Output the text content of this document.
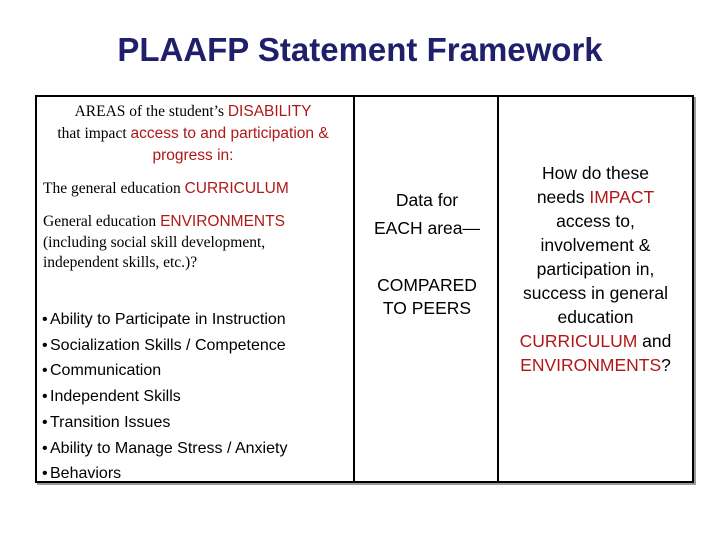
PLAAFP Statement Framework
AREAS of the student’s DISABILITY
that impact access to and participation & progress in:
The general education CURRICULUM
General education ENVIRONMENTS
(including social skill development, independent skills, etc.)?
• Ability to Participate in Instruction
• Socialization Skills / Competence
• Communication
• Independent Skills
• Transition Issues
• Ability to Manage Stress / Anxiety
• Behaviors
Data for
EACH area—
COMPARED
TO PEERS
How do these
needs IMPACT
access to,
involvement &
participation in,
success in general
education
CURRICULUM and
ENVIRONMENTS?
